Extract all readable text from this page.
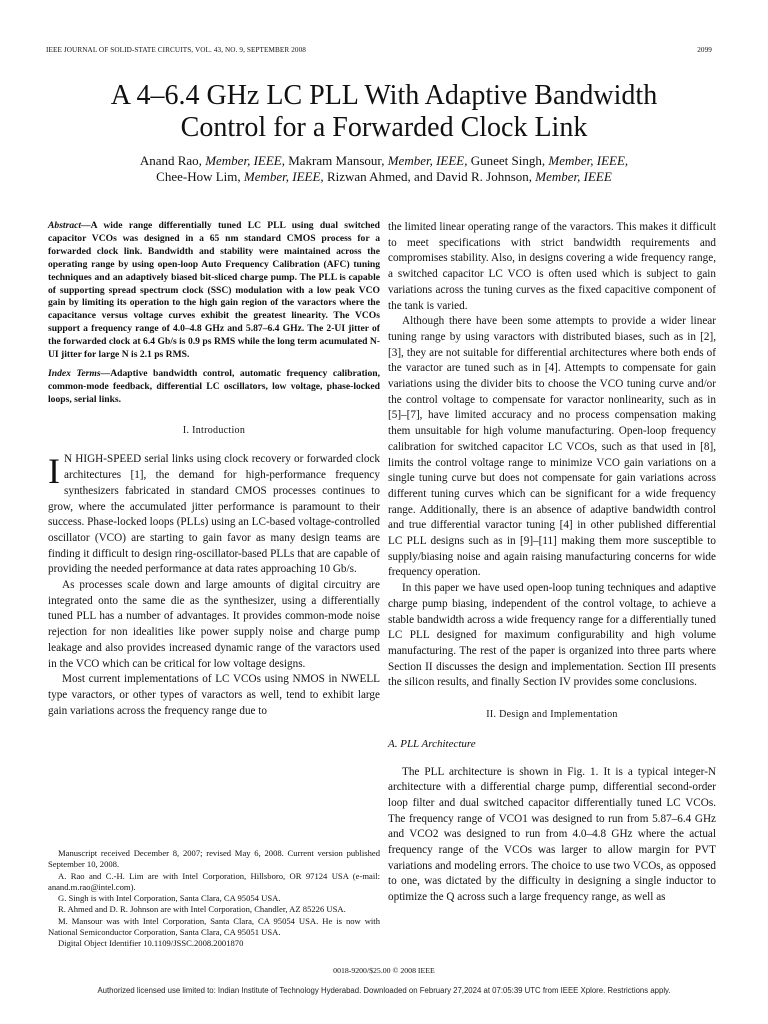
IEEE JOURNAL OF SOLID-STATE CIRCUITS, VOL. 43, NO. 9, SEPTEMBER 2008	2099
A 4–6.4 GHz LC PLL With Adaptive Bandwidth
Control for a Forwarded Clock Link
Anand Rao, Member, IEEE, Makram Mansour, Member, IEEE, Guneet Singh, Member, IEEE,
Chee-How Lim, Member, IEEE, Rizwan Ahmed, and David R. Johnson, Member, IEEE

Abstract—A wide range differentially tuned LC PLL using dual switched capacitor VCOs was designed in a 65 nm standard CMOS process for a forwarded clock link. Bandwidth and stability were maintained across the operating range by using open-loop Auto Frequency Calibration (AFC) tuning techniques and an adaptively biased bit-sliced charge pump. The PLL is capable of supporting spread spectrum clock (SSC) modulation with a low peak VCO gain by limiting its operation to the high gain region of the varactors where the capacitance versus voltage curves exhibit the greatest linearity. The VCOs support a frequency range of 4.0–4.8 GHz and 5.87–6.4 GHz. The 2-UI jitter of the forwarded clock at 6.4 Gb/s is 0.9 ps RMS while the long term acumulated N-UI jitter for large N is 2.1 ps RMS.

Index Terms—Adaptive bandwidth control, automatic frequency calibration, common-mode feedback, differential LC oscillators, low voltage, phase-locked loops, serial links.

I. Introduction

I N HIGH-SPEED serial links using clock recovery or forwarded clock architectures [1], the demand for high-performance frequency synthesizers fabricated in standard CMOS processes continues to grow, where the accumulated jitter performance is paramount to their success. Phase-locked loops (PLLs) using an LC-based voltage-controlled oscillator (VCO) are starting to gain favor as many design teams are finding it difficult to design ring-oscillator-based PLLs that are capable of providing the needed performance at data rates approaching 10 Gb/s.

As processes scale down and large amounts of digital circuitry are integrated onto the same die as the synthesizer, using a differentially tuned PLL has a number of advantages. It provides common-mode noise rejection for non idealities like power supply noise and charge pump leakage and also provides increased dynamic range of the varactors used in the VCO which can be critical for low voltage designs.

Most current implementations of LC VCOs using NMOS in NWELL type varactors, or other types of varactors as well, tend to exhibit large gain variations across the frequency range due to

the limited linear operating range of the varactors. This makes it difficult to meet specifications with strict bandwidth requirements and compromises stability. Also, in designs covering a wide frequency range, a switched capacitor LC VCO is often used which is subject to gain variations across the tuning curves as the fixed capacitive component of the tank is varied.

Although there have been some attempts to provide a wider linear tuning range by using varactors with distributed biases, such as in [2], [3], they are not suitable for differential architectures where both ends of the varactor are tuned such as in [4]. Attempts to compensate for gain variations using the divider bits to choose the VCO tuning curve and/or the control voltage to compensate for varactor nonlinearity, such as in [5]–[7], have limited accuracy and no process compensation making them unsuitable for high volume manufacturing. Open-loop frequency calibration for switched capacitor LC VCOs, such as that used in [8], limits the control voltage range to minimize VCO gain variations on a single tuning curve but does not compensate for gain variations across different tuning curves which can be significant for a wide frequency range. Additionally, there is an absence of adaptive bandwidth control and true differential varactor tuning [4] in other published differential LC PLL designs such as in [9]–[11] making them more susceptible to supply/biasing noise and again raising manufacturing concerns for wide frequency operation.

In this paper we have used open-loop tuning techniques and adaptive charge pump biasing, independent of the control voltage, to achieve a stable bandwidth across a wide frequency range for a differentially tuned LC PLL designed for maximum configurability and high volume manufacturing. The rest of the paper is organized into three parts where Section II discusses the design and implementation. Section III presents the silicon results, and finally Section IV provides some conclusions.

II. Design and Implementation

A. PLL Architecture

The PLL architecture is shown in Fig. 1. It is a typical integer-N architecture with a differential charge pump, differential second-order loop filter and dual switched capacitor differentially tuned LC VCOs. The frequency range of VCO1 was designed to run from 5.87–6.4 GHz and VCO2 was designed to run from 4.0–4.8 GHz where the actual frequency range of the VCOs was larger to allow margin for PVT variations and modeling errors. The choice to use two VCOs, as opposed to one, was dictated by the difficulty in designing a single inductor to optimize the Q across such a large frequency range, as well as

Manuscript received December 8, 2007; revised May 6, 2008. Current version published September 10, 2008.

A. Rao and C.-H. Lim are with Intel Corporation, Hillsboro, OR 97124 USA (e-mail: anand.m.rao@intel.com).

G. Singh is with Intel Corporation, Santa Clara, CA 95054 USA.

R. Ahmed and D. R. Johnson are with Intel Corporation, Chandler, AZ 85226 USA.

M. Mansour was with Intel Corporation, Santa Clara, CA 95054 USA. He is now with National Semiconductor Corporation, Santa Clara, CA 95051 USA.

Digital Object Identifier 10.1109/JSSC.2008.2001870

0018-9200/$25.00 © 2008 IEEE
Authorized licensed use limited to: Indian Institute of Technology Hyderabad. Downloaded on February 27,2024 at 07:05:39 UTC from IEEE Xplore. Restrictions apply.
